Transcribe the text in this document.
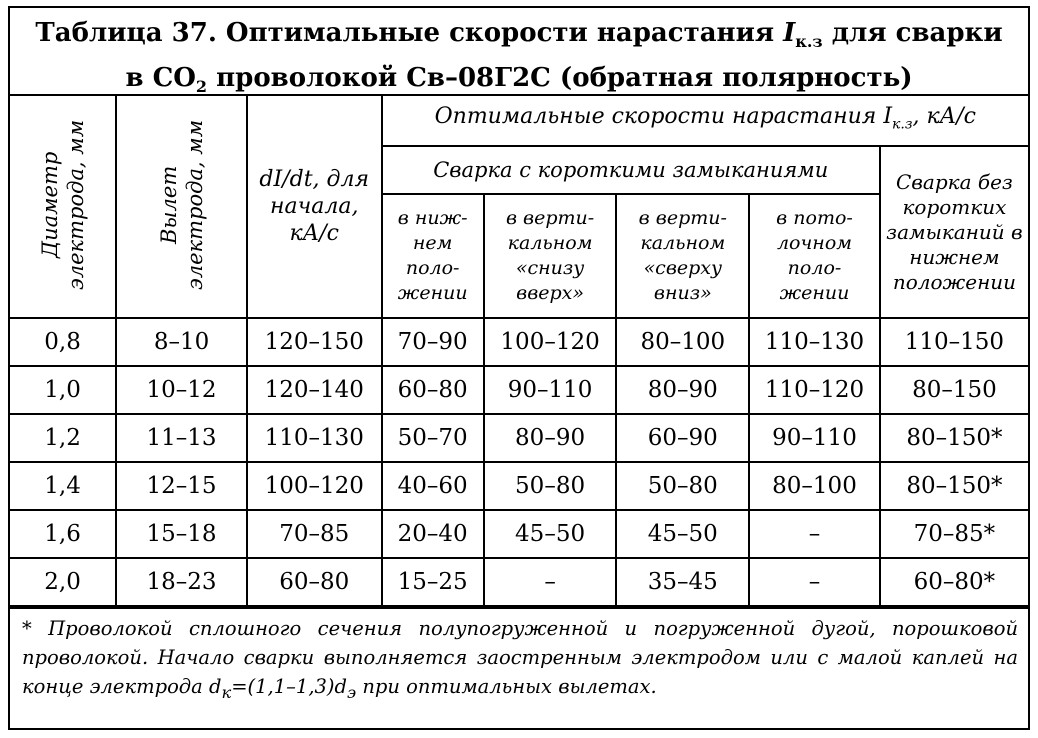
Таблица 37. Оптимальные скорости нарастания $I_{к.з}$ для сварки
в $CO_2$ проволокой Св–08Г2С (обратная полярность)
Диаметр электрода, мм	Вылет электрода, мм	dI/dt, для начала, кА/с	Оптимальные скорости нарастания $I_{к.з}$, кА/с				
			Сварка с короткими замыканиями				Сварка без коротких замыканий в нижнем положении
			в ниж-нем поло-жении	в верти-кальном «снизу вверх»	в верти-кальном «сверху вниз»	в пото-лочном поло-жении	
0,8	8–10	120–150	70–90	100–120	80–100	110–130	110–150
1,0	10–12	120–140	60–80	90–110	80–90	110–120	80–150
1,2	11–13	110–130	50–70	80–90	60–90	90–110	80–150*
1,4	12–15	100–120	40–60	50–80	50–80	80–100	80–150*
1,6	15–18	70–85	20–40	45–50	45–50	–	70–85*
2,0	18–23	60–80	15–25	–	35–45	–	60–80*
* Проволокой сплошного сечения полупогруженной и погруженной дугой, порошковой проволокой. Начало сварки выполняется заостренным электродом или с малой каплей на конце электрода $d_к=(1,1-1,3)d_э$ при оптимальных вылетах.
